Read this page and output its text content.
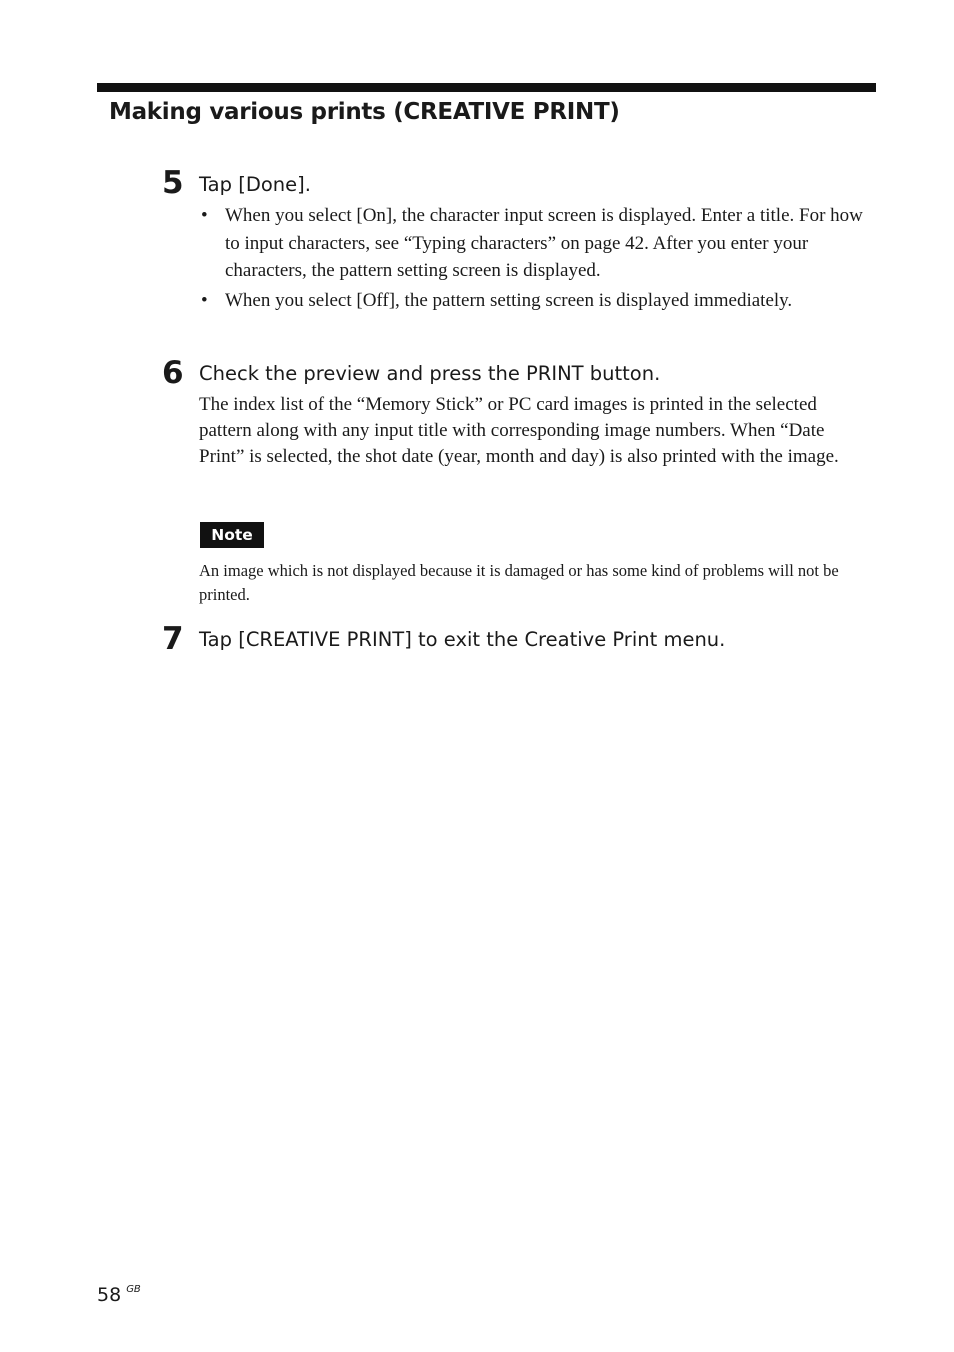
Making various prints (CREATIVE PRINT)
5 Tap [Done].
• When you select [On], the character input screen is displayed. Enter a title. For how to input characters, see “Typing characters” on page 42. After you enter your characters, the pattern setting screen is displayed.
• When you select [Off], the pattern setting screen is displayed immediately.
6 Check the preview and press the PRINT button.

The index list of the “Memory Stick” or PC card images is printed in the selected pattern along with any input title with corresponding image numbers. When “Date Print” is selected, the shot date (year, month and day) is also printed with the image.

Note

An image which is not displayed because it is damaged or has some kind of problems will not be printed.

7 Tap [CREATIVE PRINT] to exit the Creative Print menu.
58 $^{GB}$
